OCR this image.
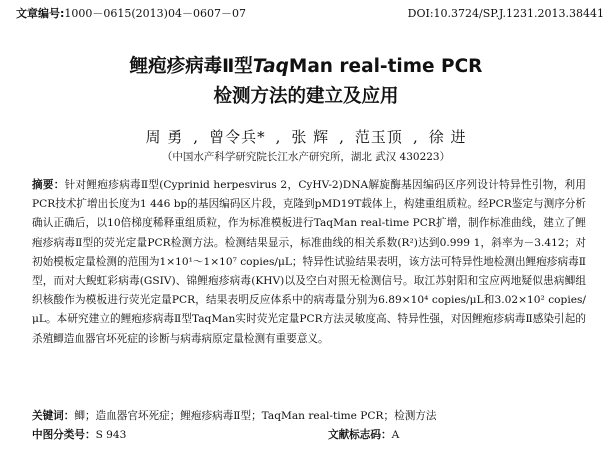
文章编号:1000－0615(2013)04－0607－07	DOI:10.3724/SP.J.1231.2013.38441
鲤疱疹病毒Ⅱ型TaqMan real-time PCR
检测方法的建立及应用
周 勇 , 曾令兵* , 张 辉 , 范玉顶 , 徐 进
（中国水产科学研究院长江水产研究所，湖北 武汉 430223）
摘要：针对鲤疱疹病毒Ⅱ型(Cyprinid herpesvirus 2，CyHV-2)DNA解旋酶基因编码区序列设计特异性引物，利用PCR技术扩增出长度为1 446 bp的基因编码区片段，克隆到pMD19T载体上，构建重组质粒。经PCR鉴定与测序分析确认正确后，以10倍梯度稀释重组质粒，作为标准模板进行TaqMan real-time PCR扩增，制作标准曲线，建立了鲤疱疹病毒Ⅱ型的荧光定量PCR检测方法。检测结果显示，标准曲线的相关系数(R²)达到0.999 1，斜率为－3.412；对初始模板定量检测的范围为1×10¹～1×10⁷ copies/μL；特异性试验结果表明，该方法可特异性地检测出鲤疱疹病毒Ⅱ型，而对大鲵虹彩病毒(GSIV)、锦鲤疱疹病毒(KHV)以及空白对照无检测信号。取江苏射阳和宝应两地疑似患病鲫组织核酸作为模板进行荧光定量PCR，结果表明反应体系中的病毒量分别为6.89×10⁴ copies/μL和3.02×10² copies/μL。本研究建立的鲤疱疹病毒Ⅱ型TaqMan实时荧光定量PCR方法灵敏度高、特异性强，对因鲤疱疹病毒Ⅱ感染引起的杀殖鲫造血器官坏死症的诊断与病毒病原定量检测有重要意义。
关键词：鲫；造血器官坏死症；鲤疱疹病毒Ⅱ型；TaqMan real-time PCR；检测方法
中图分类号：S 943	文献标志码：A
